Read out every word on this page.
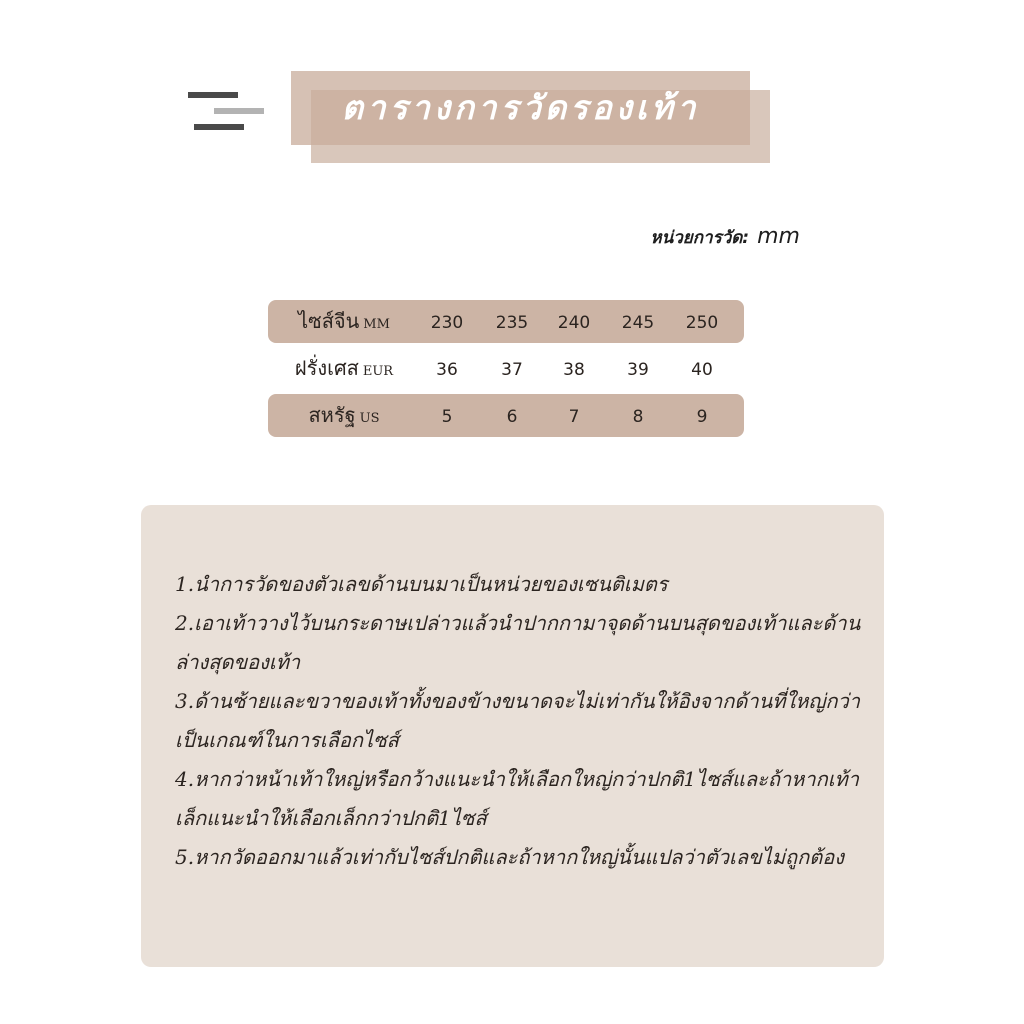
ตารางการวัดรองเท้า
หน่วยการวัด: mm
ไซส์จีน MM	230	235	240	245	250
ฝรั่งเศส EUR	36	37	38	39	40
สหรัฐ US	5	6	7	8	9

1.นำการวัดของตัวเลขด้านบนมาเป็นหน่วยของเซนติเมตร

2.เอาเท้าวางไว้บนกระดาษเปล่าวแล้วนำปากกามาจุดด้านบนสุดของเท้าและด้านล่างสุดของเท้า

3.ด้านซ้ายและขวาของเท้าทั้งของข้างขนาดจะไม่เท่ากันให้อิงจากด้านที่ใหญ่กว่าเป็นเกณฑ์ในการเลือกไซส์

4.หากว่าหน้าเท้าใหญ่หรือกว้างแนะนำให้เลือกใหญ่กว่าปกติ1ไซส์และถ้าหากเท้าเล็กแนะนำให้เลือกเล็กกว่าปกติ1ไซส์

5.หากวัดออกมาแล้วเท่ากับไซส์ปกติและถ้าหากใหญ่นั้นแปลว่าตัวเลขไม่ถูกต้อง
